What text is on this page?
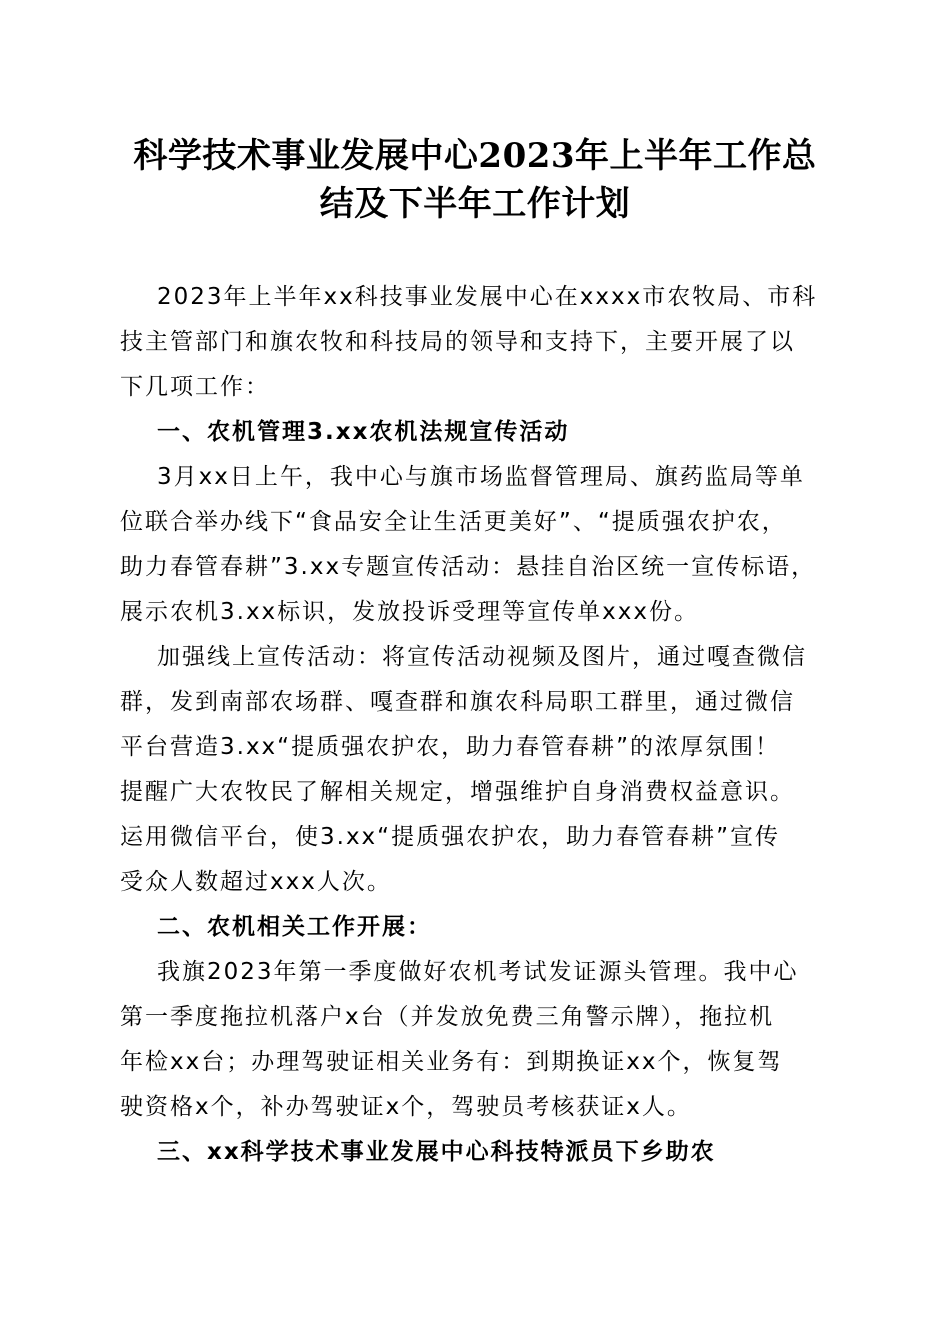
科学技术事业发展中心2023年上半年工作总
结及下半年工作计划
2023年上半年xx科技事业发展中心在xxxx市农牧局、市科
技主管部门和旗农牧和科技局的领导和支持下，主要开展了以
下几项工作：
一、农机管理3.xx农机法规宣传活动
3月xx日上午，我中心与旗市场监督管理局、旗药监局等单
位联合举办线下“食品安全让生活更美好”、“提质强农护农，
助力春管春耕”3.xx专题宣传活动：悬挂自治区统一宣传标语，
展示农机3.xx标识，发放投诉受理等宣传单xxx份。
加强线上宣传活动：将宣传活动视频及图片，通过嘎查微信
群，发到南部农场群、嘎查群和旗农科局职工群里，通过微信
平台营造3.xx“提质强农护农，助力春管春耕”的浓厚氛围！
提醒广大农牧民了解相关规定，增强维护自身消费权益意识。
运用微信平台，使3.xx“提质强农护农，助力春管春耕”宣传
受众人数超过xxx人次。
二、农机相关工作开展：
我旗2023年第一季度做好农机考试发证源头管理。我中心
第一季度拖拉机落户x台（并发放免费三角警示牌），拖拉机
年检xx台；办理驾驶证相关业务有：到期换证xx个，恢复驾
驶资格x个，补办驾驶证x个，驾驶员考核获证x人。
三、xx科学技术事业发展中心科技特派员下乡助农
